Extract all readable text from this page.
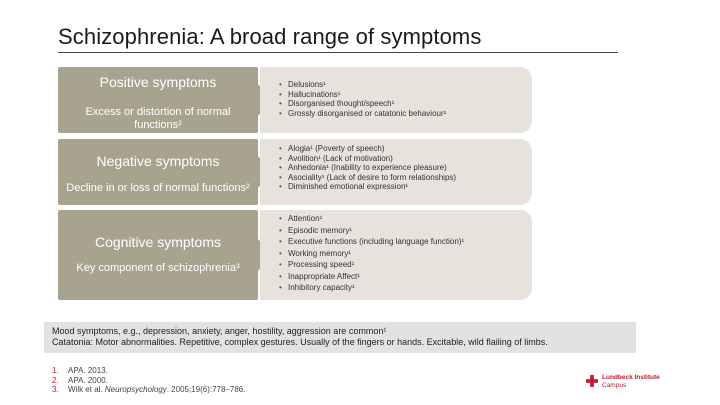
Schizophrenia: A broad range of symptoms
Positive symptoms
Excess or distortion of normal functions²
• Delusions¹
• Hallucinations¹
• Disorganised thought/speech¹
• Grossly disorganised or catatonic behaviour¹
Negative symptoms
Decline in or loss of normal functions²
• Alogia¹ (Poverty of speech)
• Avolition¹ (Lack of motivation)
• Anhedonia¹ (Inability to experience pleasure)
• Asociality¹ (Lack of desire to form relationships)
• Diminished emotional expression¹
Cognitive symptoms
Key component of schizophrenia³
• Attention¹
• Episodic memory¹
• Executive functions (including language function)¹
• Working memory¹
• Processing speed¹
• Inappropriate Affect¹
• Inhibitory capacity¹
Mood symptoms, e.g., depression, anxiety, anger, hostility, aggression are common¹
Catatonia: Motor abnormalities. Repetitive, complex gestures. Usually of the fingers or hands. Excitable, wild flailing of limbs.
1. APA. 2013.
2. APA. 2000.
3. Wilk et al. Neuropsychology. 2005;19(6):778–786.
Lundbeck Institute
Campus
